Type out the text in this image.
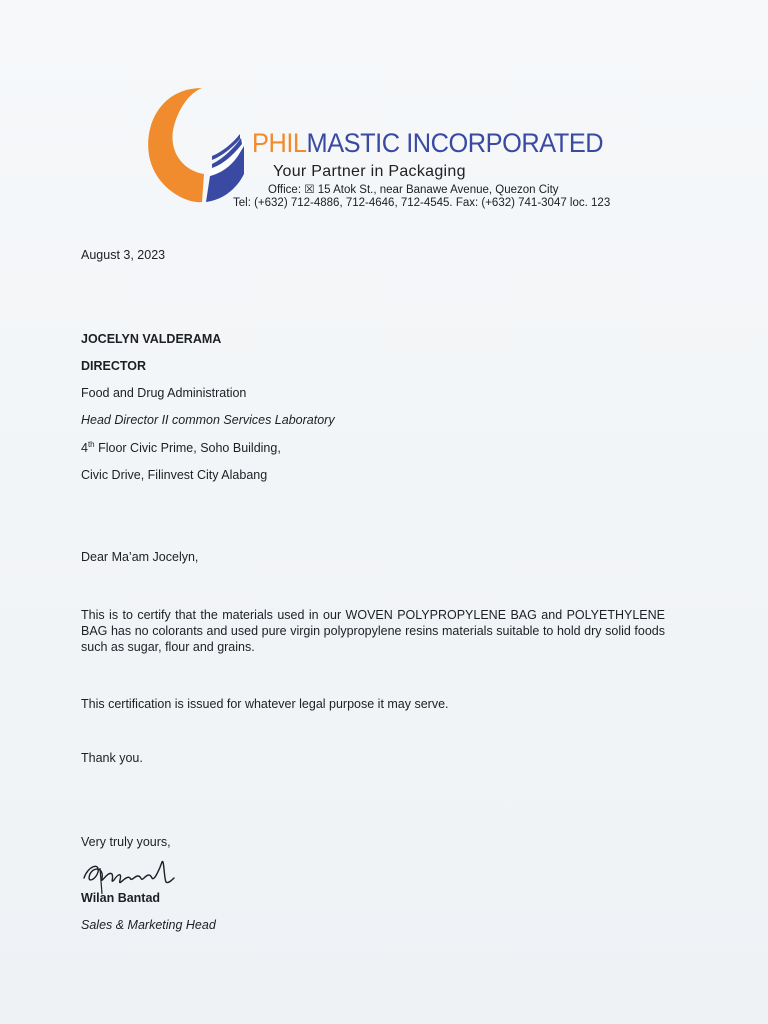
PHILMASTIC INCORPORATED
Your Partner in Packaging
Office: ☒ 15 Atok St., near Banawe Avenue, Quezon City
Tel: (+632) 712-4886, 712-4646, 712-4545. Fax: (+632) 741-3047 loc. 123
August 3, 2023
JOCELYN VALDERAMA
DIRECTOR
Food and Drug Administration
Head Director II common Services Laboratory
4th Floor Civic Prime, Soho Building,
Civic Drive, Filinvest City Alabang
Dear Ma’am Jocelyn,
This is to certify that the materials used in our WOVEN POLYPROPYLENE BAG and POLYETHYLENE BAG has no colorants and used pure virgin polypropylene resins materials suitable to hold dry solid foods such as sugar, flour and grains.
This certification is issued for whatever legal purpose it may serve.
Thank you.
Very truly yours,
Wilan Bantad
Sales & Marketing Head
